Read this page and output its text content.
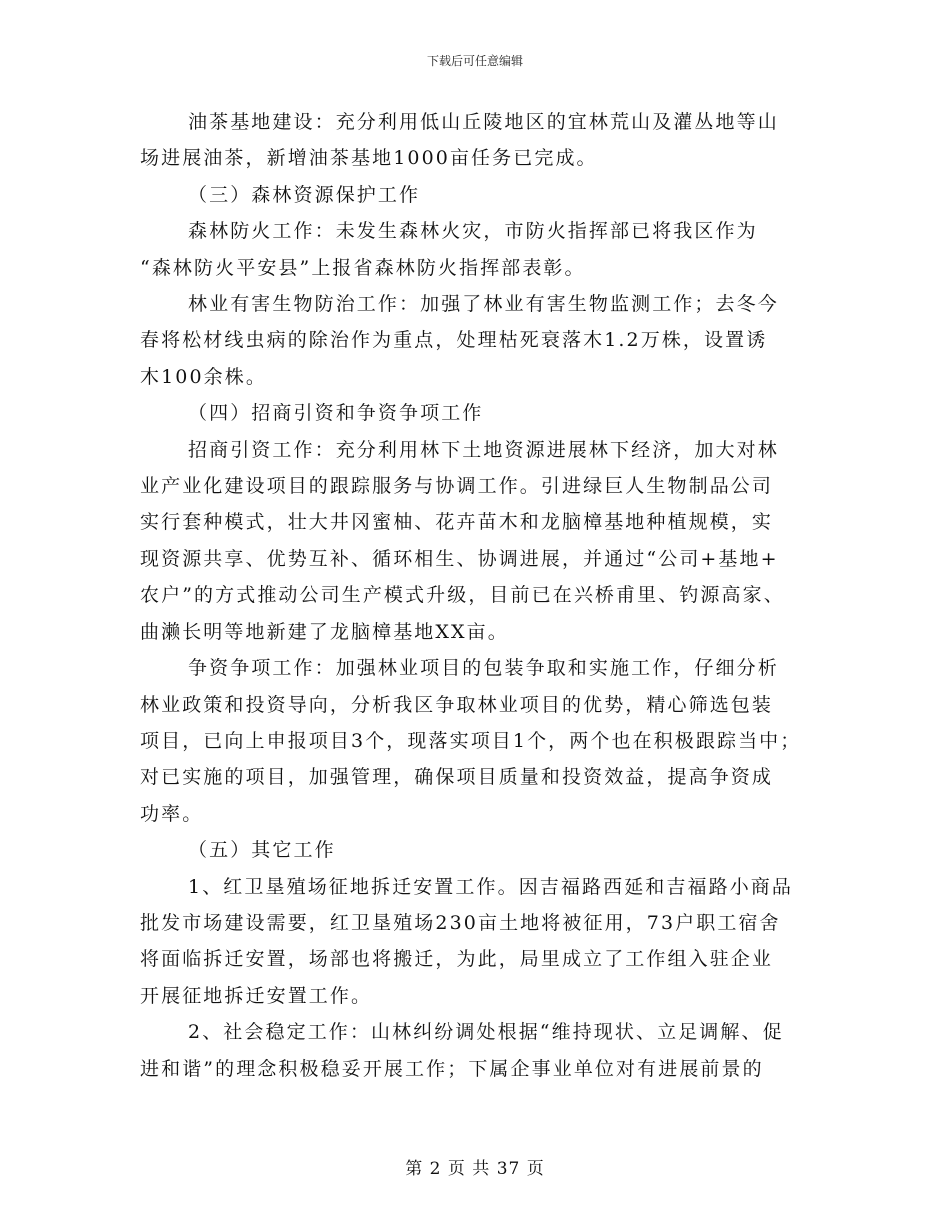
下载后可任意编辑

油茶基地建设：充分利用低山丘陵地区的宜林荒山及灌丛地等山
场进展油茶，新增油茶基地1000亩任务已完成。

（三）森林资源保护工作

森林防火工作：未发生森林火灾，市防火指挥部已将我区作为
“森林防火平安县”上报省森林防火指挥部表彰。

林业有害生物防治工作：加强了林业有害生物监测工作；去冬今
春将松材线虫病的除治作为重点，处理枯死衰落木1.2万株，设置诱
木100余株。

（四）招商引资和争资争项工作

招商引资工作：充分利用林下土地资源进展林下经济，加大对林
业产业化建设项目的跟踪服务与协调工作。引进绿巨人生物制品公司
实行套种模式，壮大井冈蜜柚、花卉苗木和龙脑樟基地种植规模，实
现资源共享、优势互补、循环相生、协调进展，并通过“公司+基地+
农户”的方式推动公司生产模式升级，目前已在兴桥甫里、钓源高家、
曲濑长明等地新建了龙脑樟基地XX亩。

争资争项工作：加强林业项目的包装争取和实施工作，仔细分析
林业政策和投资导向，分析我区争取林业项目的优势，精心筛选包装
项目，已向上申报项目3个，现落实项目1个，两个也在积极跟踪当中；
对已实施的项目，加强管理，确保项目质量和投资效益，提高争资成
功率。

（五）其它工作

1、红卫垦殖场征地拆迁安置工作。因吉福路西延和吉福路小商品
批发市场建设需要，红卫垦殖场230亩土地将被征用，73户职工宿舍
将面临拆迁安置，场部也将搬迁，为此，局里成立了工作组入驻企业
开展征地拆迁安置工作。

2、社会稳定工作：山林纠纷调处根据“维持现状、立足调解、促
进和谐”的理念积极稳妥开展工作；下属企事业单位对有进展前景的

第 2 页 共 37 页
